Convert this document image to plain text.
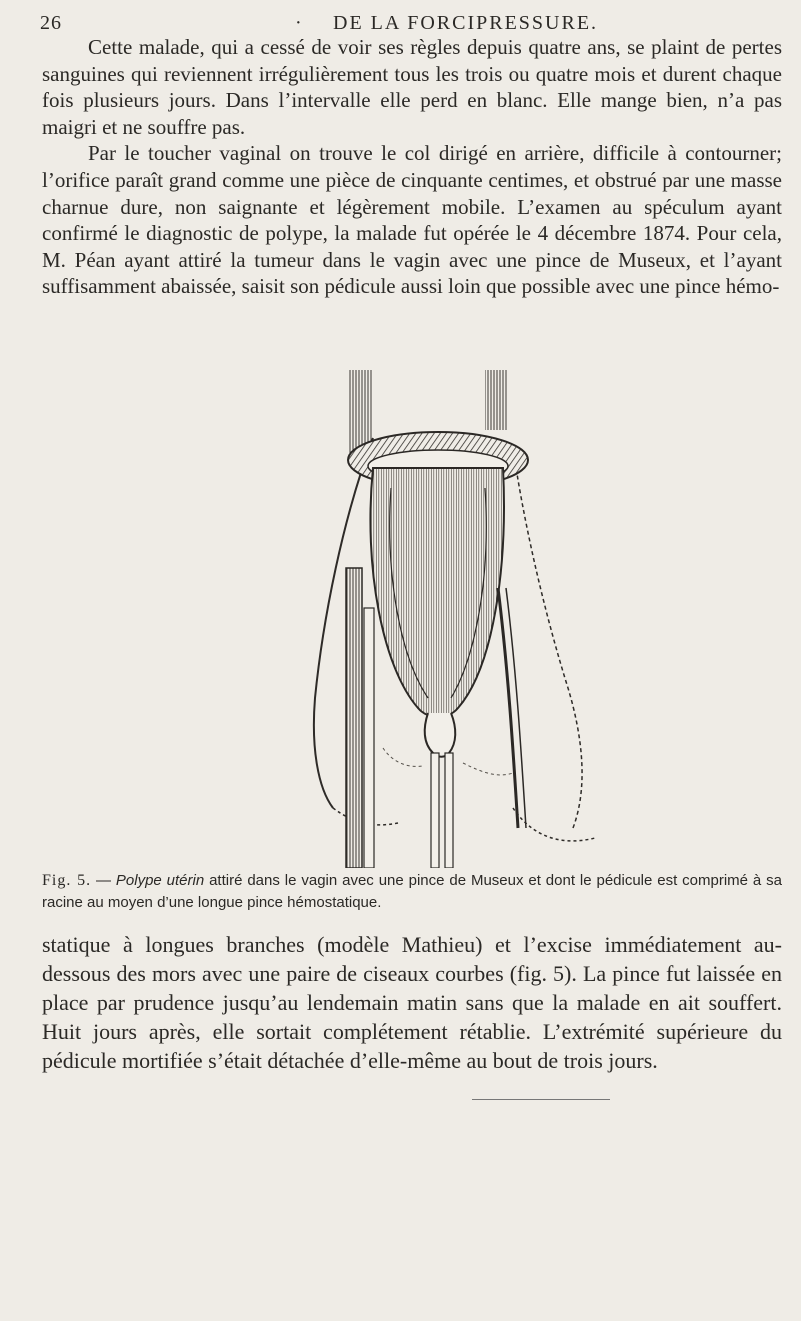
26	· DE LA FORCIPRESSURE.

Cette malade, qui a cessé de voir ses règles depuis quatre ans, se plaint de pertes sanguines qui reviennent irrégulièrement tous les trois ou quatre mois et durent chaque fois plusieurs jours. Dans l’intervalle elle perd en blanc. Elle mange bien, n’a pas maigri et ne souffre pas.

Par le toucher vaginal on trouve le col dirigé en arrière, difficile à contourner; l’orifice paraît grand comme une pièce de cinquante centimes, et obstrué par une masse charnue dure, non saignante et légèrement mobile. L’examen au spéculum ayant confirmé le diagnostic de polype, la malade fut opérée le 4 décembre 1874. Pour cela, M. Péan ayant attiré la tumeur dans le vagin avec une pince de Museux, et l’ayant suffisamment abaissée, saisit son pédicule aussi loin que possible avec une pince hémo-

Fig. 5. — Polype utérin attiré dans le vagin avec une pince de Museux et dont le pédicule est comprimé à sa racine au moyen d’une longue pince hémostatique.

statique à longues branches (modèle Mathieu) et l’excise immédiatement au-dessous des mors avec une paire de ciseaux courbes (fig. 5). La pince fut laissée en place par prudence jusqu’au lendemain matin sans que la malade en ait souffert. Huit jours après, elle sortait complétement rétablie. L’extrémité supérieure du pédicule mortifiée s’était détachée d’elle-même au bout de trois jours.
